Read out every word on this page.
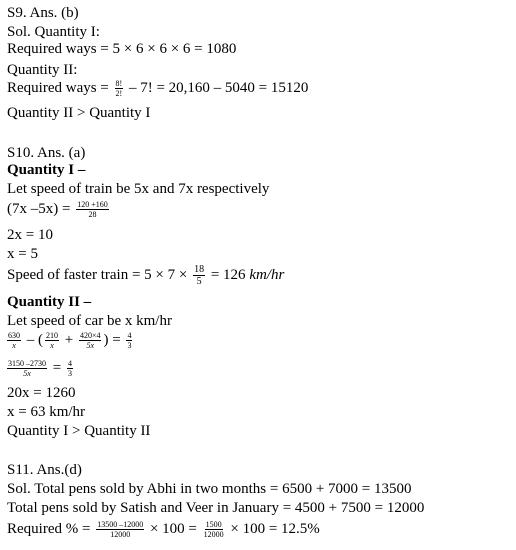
S9. Ans. (b)
Sol. Quantity I:
Required ways = 5 × 6 × 6 × 6 = 1080
Quantity II:
Required ways = $\frac{8!}{2!} - 7$! = 20,160 – 5040 = 15120
Quantity II > Quantity I
S10. Ans. (a)
Quantity I –
Let speed of train be 5x and 7x respectively
(7x $-5x) = \frac{120 +160}{28}$
2x = 10
x = 5
Speed of faster train = $5 \times 7 \times \frac{18}{5} = 126$ km/hr
Quantity II –
Let speed of car be x km/hr
$\frac{630}{x}$ – ( $\frac{210}{x} + \frac{420\times 4}{5x}$ ) = $\frac{4}{3}$
$\frac{3150 -2730}{5x} = \frac{4}{3}$
20x = 1260
x = 63 km/hr
Quantity I > Quantity II
S11. Ans.(d)
Sol. Total pens sold by Abhi in two months = 6500 + 7000 = 13500
Total pens sold by Satish and Veer in January = 4500 + 7500 = 12000
Required % = $\frac{13500 -12000}{12000} \times 100 = \frac{1500}{12000} \times 100 = 12.5\%$
